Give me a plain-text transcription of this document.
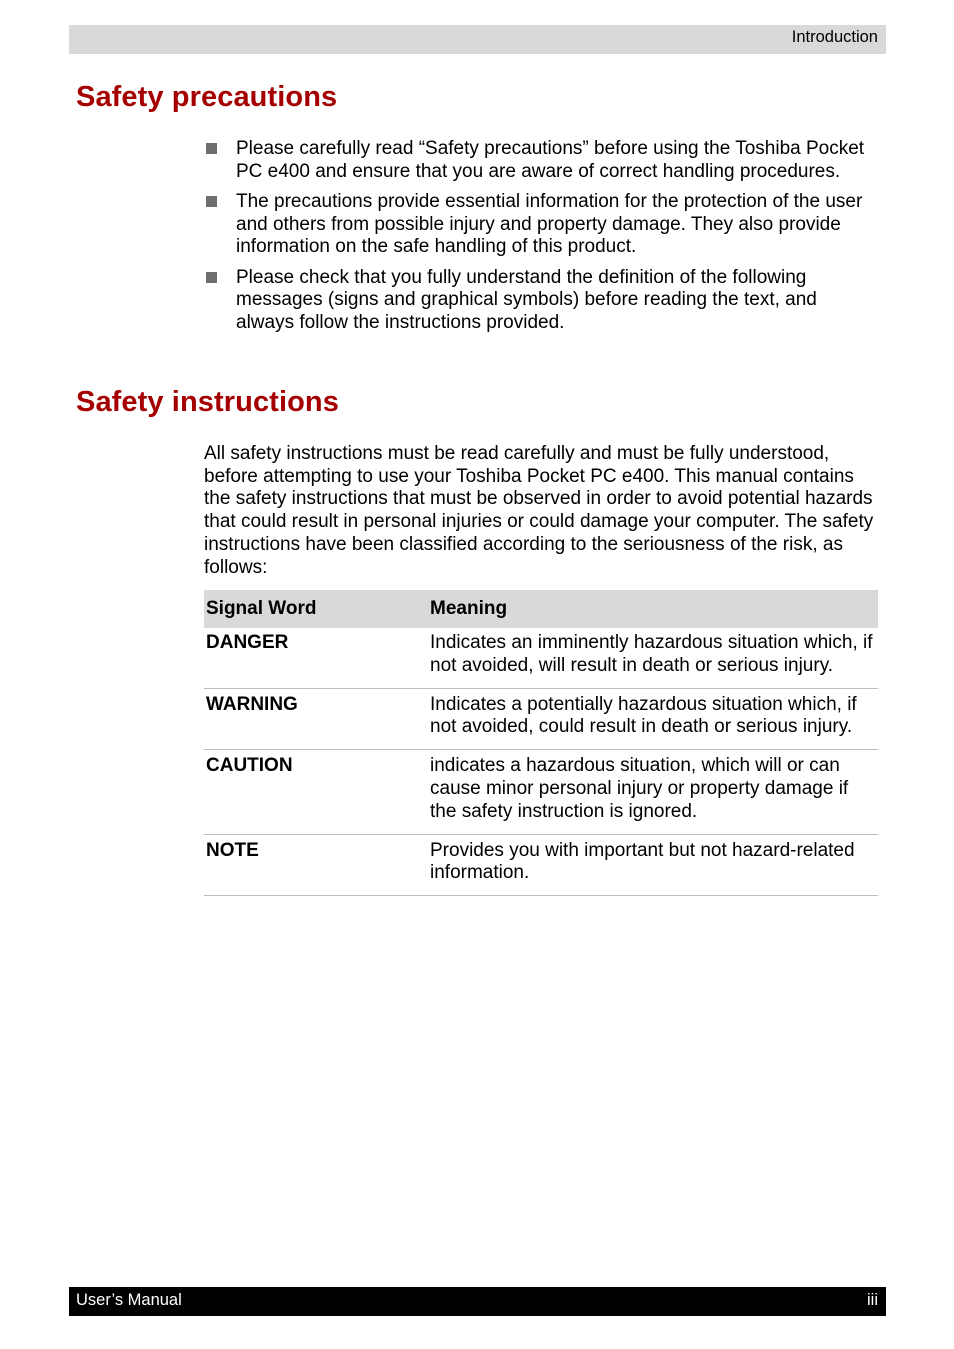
Introduction
Safety precautions
Please carefully read “Safety precautions” before using the Toshiba Pocket PC e400 and ensure that you are aware of correct handling procedures.
The precautions provide essential information for the protection of the user and others from possible injury and property damage. They also provide information on the safe handling of this product.
Please check that you fully understand the definition of the following messages (signs and graphical symbols) before reading the text, and always follow the instructions provided.
Safety instructions

All safety instructions must be read carefully and must be fully understood, before attempting to use your Toshiba Pocket PC e400. This manual contains the safety instructions that must be observed in order to avoid potential hazards that could result in personal injuries or could damage your computer. The safety instructions have been classified according to the seriousness of the risk, as follows:

Signal Word	Meaning
DANGER	Indicates an imminently hazardous situation which, if not avoided, will result in death or serious injury.
WARNING	Indicates a potentially hazardous situation which, if not avoided, could result in death or serious injury.
CAUTION	indicates a hazardous situation, which will or can cause minor personal injury or property damage if the safety instruction is ignored.
NOTE	Provides you with important but not hazard-related information.
User’s Manual	iii
